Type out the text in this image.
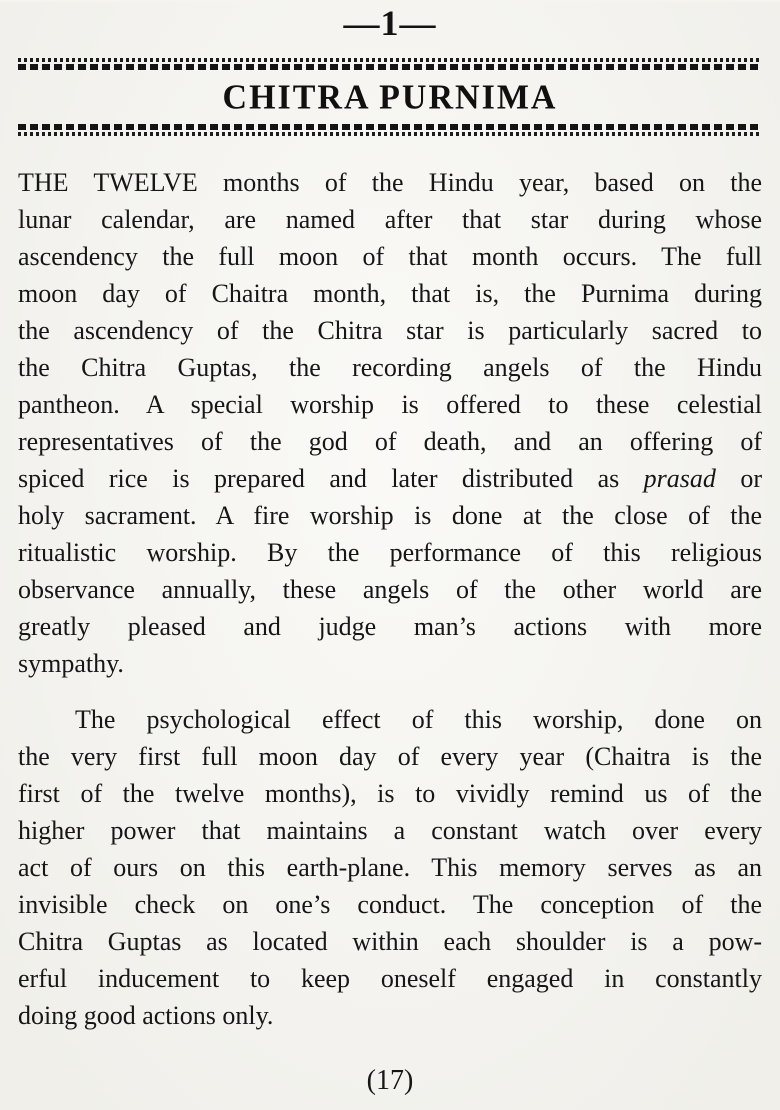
—1—
CHITRA PURNIMA
THE TWELVE months of the Hindu year, based on the
lunar calendar, are named after that star during whose
ascendency the full moon of that month occurs. The full
moon day of Chaitra month, that is, the Purnima during
the ascendency of the Chitra star is particularly sacred to
the Chitra Guptas, the recording angels of the Hindu
pantheon. A special worship is offered to these celestial
representatives of the god of death, and an offering of
spiced rice is prepared and later distributed as prasad or
holy sacrament. A fire worship is done at the close of the
ritualistic worship. By the performance of this religious
observance annually, these angels of the other world are
greatly pleased and judge man’s actions with more
sympathy.
The psychological effect of this worship, done on
the very first full moon day of every year (Chaitra is the
first of the twelve months), is to vividly remind us of the
higher power that maintains a constant watch over every
act of ours on this earth-plane. This memory serves as an
invisible check on one’s conduct. The conception of the
Chitra Guptas as located within each shoulder is a pow-
erful inducement to keep oneself engaged in constantly
doing good actions only.
(17)
